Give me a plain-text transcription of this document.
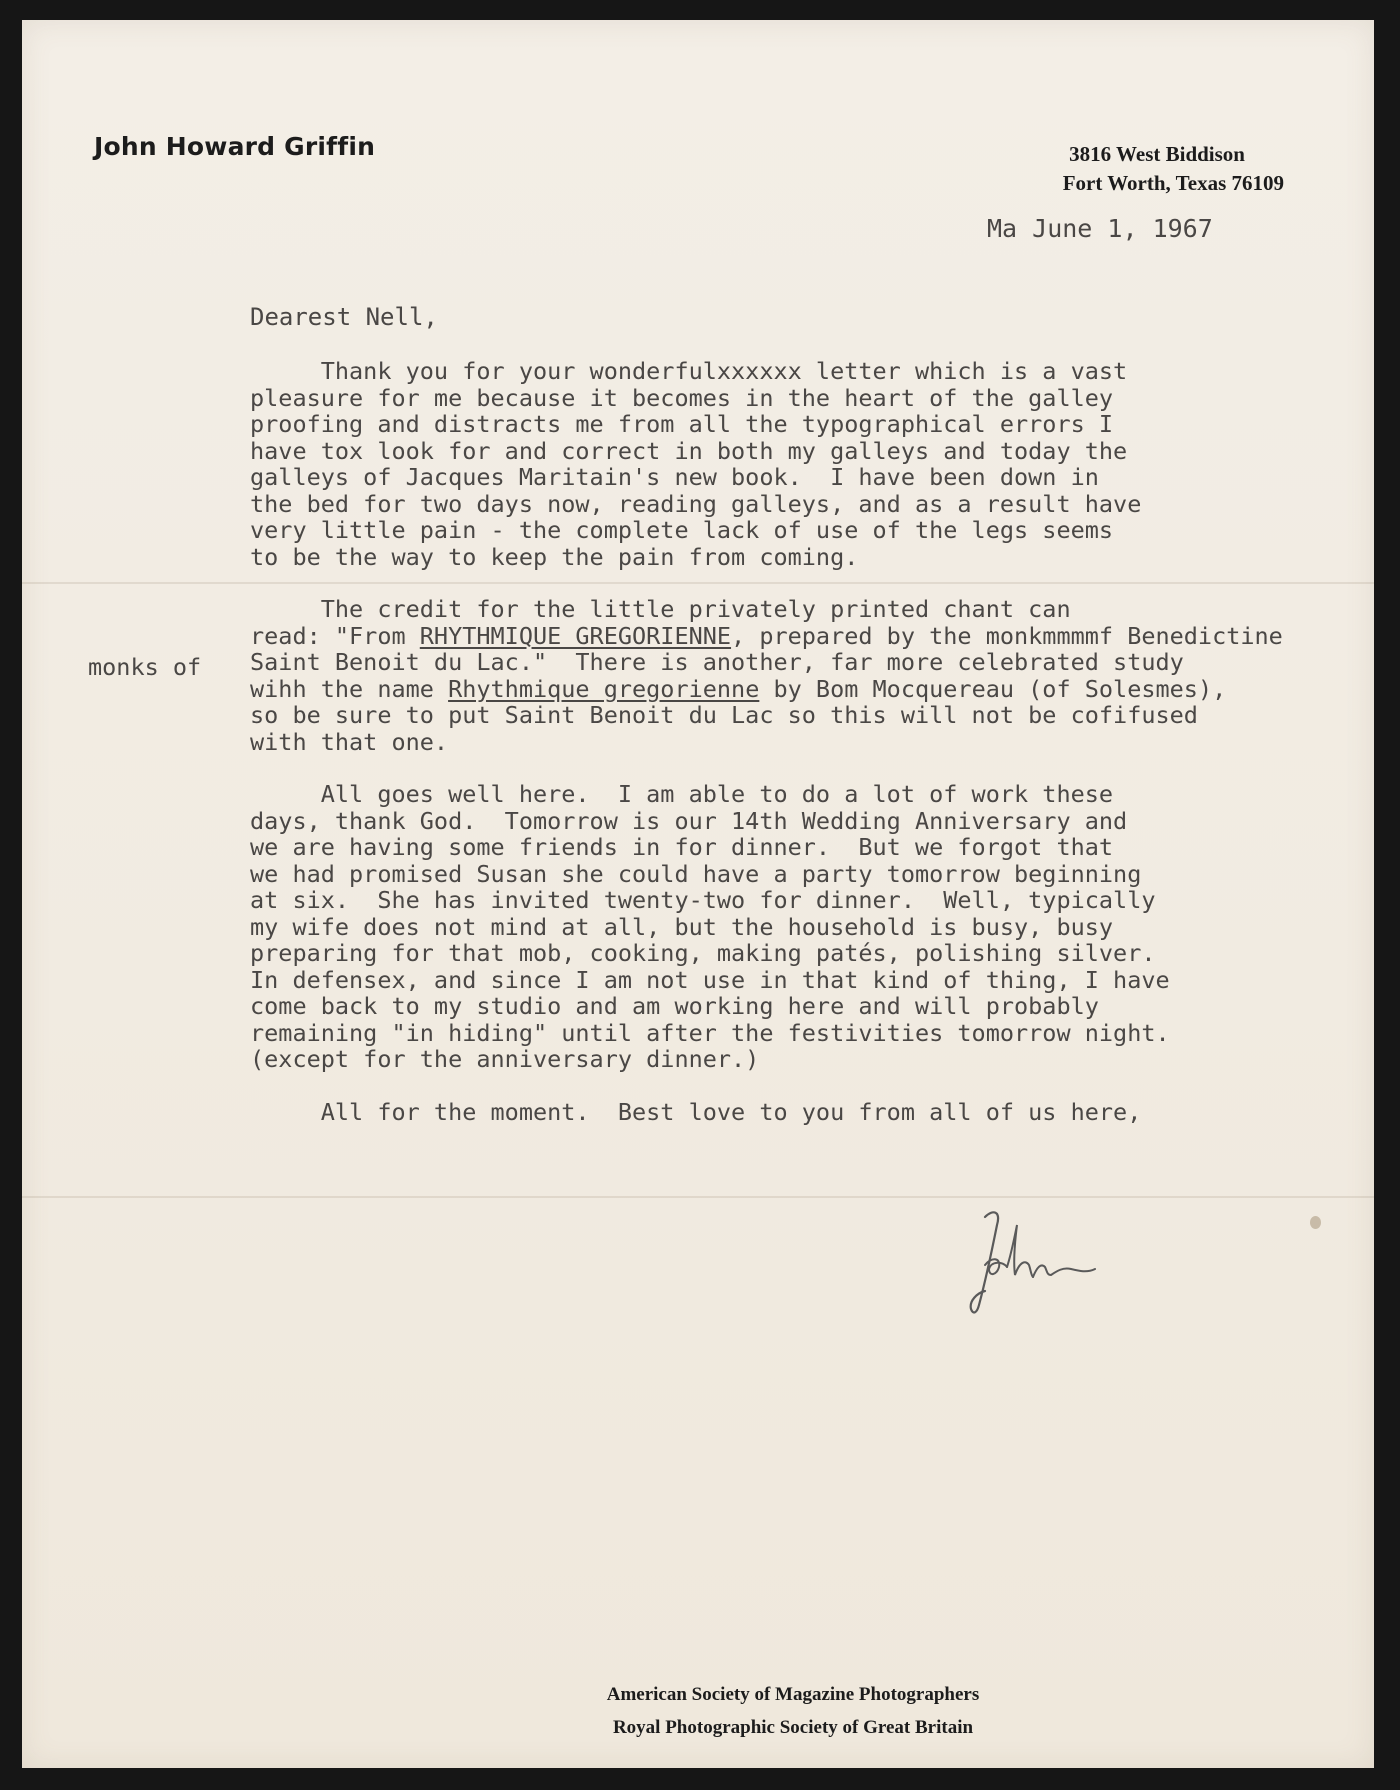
John Howard Griffin	3816 West Biddison
Fort Worth, Texas 76109
Ma June 1, 1967
Dearest Nell,
monks of
Thank you for your wonderfulxxxxxx letter which is a vast
pleasure for me because it becomes in the heart of the galley
proofing and distracts me from all the typographical errors I
have tox look for and correct in both my galleys and today the
galleys of Jacques Maritain's new book.  I have been down in
the bed for two days now, reading galleys, and as a result have
very little pain - the complete lack of use of the legs seems
to be the way to keep the pain from coming.
The credit for the little privately printed chant can
read: "From RHYTHMIQUE GREGORIENNE, prepared by the monkmmmmf Benedictine
Saint Benoit du Lac."  There is another, far more celebrated study
wihh the name Rhythmique gregorienne by Bom Mocquereau (of Solesmes),
so be sure to put Saint Benoit du Lac so this will not be cofifused
with that one.
All goes well here.  I am able to do a lot of work these
days, thank God.  Tomorrow is our 14th Wedding Anniversary and
we are having some friends in for dinner.  But we forgot that
we had promised Susan she could have a party tomorrow beginning
at six.  She has invited twenty-two for dinner.  Well, typically
my wife does not mind at all, but the household is busy, busy
preparing for that mob, cooking, making patés, polishing silver.
In defensex, and since I am not use in that kind of thing, I have
come back to my studio and am working here and will probably
remaining "in hiding" until after the festivities tomorrow night.
(except for the anniversary dinner.)
All for the moment.  Best love to you from all of us here,
American Society of Magazine Photographers
Royal Photographic Society of Great Britain
